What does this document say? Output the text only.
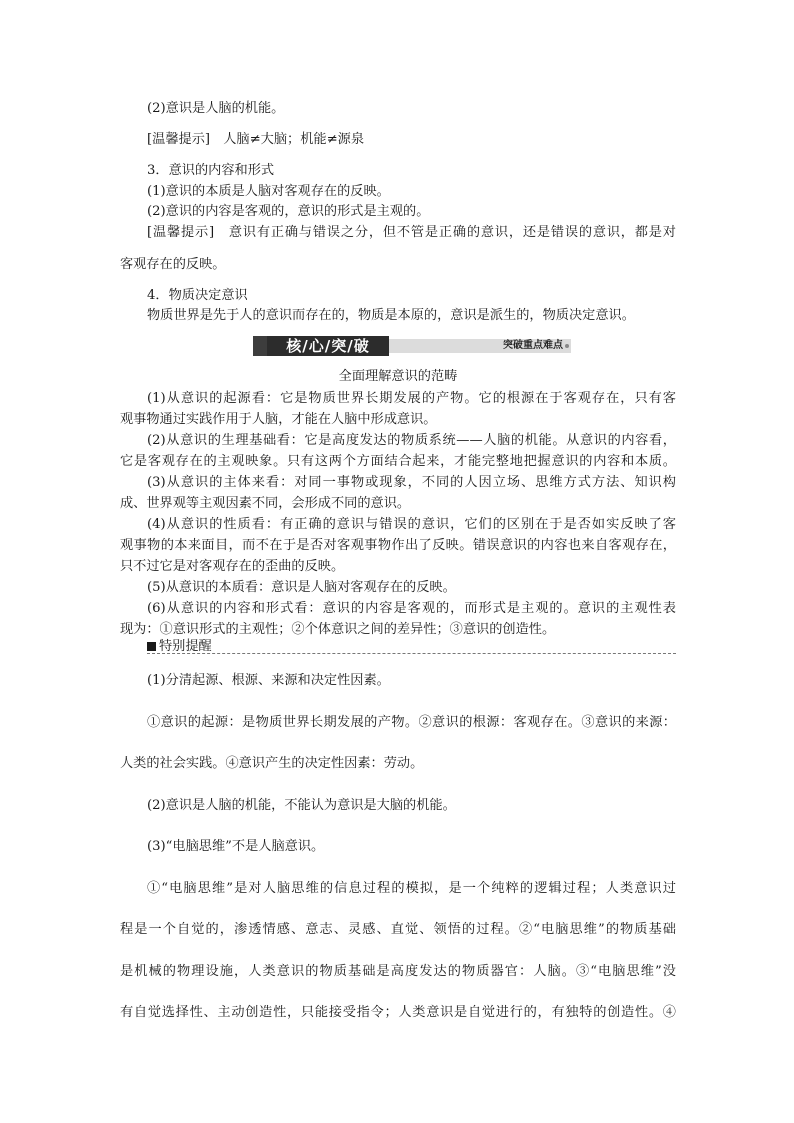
(2)意识是人脑的机能。

[温馨提示]　人脑≠大脑；机能≠源泉

3．意识的内容和形式

(1)意识的本质是人脑对客观存在的反映。

(2)意识的内容是客观的，意识的形式是主观的。

[温馨提示]　意识有正确与错误之分，但不管是正确的意识，还是错误的意识，都是对

客观存在的反映。

4．物质决定意识

物质世界是先于人的意识而存在的，物质是本原的，意识是派生的，物质决定意识。

核/心/突/破	突破重点难点

全面理解意识的范畴

(1)从意识的起源看：它是物质世界长期发展的产物。它的根源在于客观存在，只有客

观事物通过实践作用于人脑，才能在人脑中形成意识。

(2)从意识的生理基础看：它是高度发达的物质系统——人脑的机能。从意识的内容看，

它是客观存在的主观映象。只有这两个方面结合起来，才能完整地把握意识的内容和本质。

(3)从意识的主体来看：对同一事物或现象，不同的人因立场、思维方式方法、知识构

成、世界观等主观因素不同，会形成不同的意识。

(4)从意识的性质看：有正确的意识与错误的意识，它们的区别在于是否如实反映了客

观事物的本来面目，而不在于是否对客观事物作出了反映。错误意识的内容也来自客观存在，

只不过它是对客观存在的歪曲的反映。

(5)从意识的本质看：意识是人脑对客观存在的反映。

(6)从意识的内容和形式看：意识的内容是客观的，而形式是主观的。意识的主观性表

现为：①意识形式的主观性；②个体意识之间的差异性；③意识的创造性。

特别提醒

(1)分清起源、根源、来源和决定性因素。

①意识的起源：是物质世界长期发展的产物。②意识的根源：客观存在。③意识的来源：

人类的社会实践。④意识产生的决定性因素：劳动。

(2)意识是人脑的机能，不能认为意识是大脑的机能。

(3)“电脑思维”不是人脑意识。

①“电脑思维”是对人脑思维的信息过程的模拟，是一个纯粹的逻辑过程；人类意识过

程是一个自觉的，渗透情感、意志、灵感、直觉、领悟的过程。②“电脑思维”的物质基础

是机械的物理设施，人类意识的物质基础是高度发达的物质器官：人脑。③“电脑思维”没

有自觉选择性、主动创造性，只能接受指令；人类意识是自觉进行的，有独特的创造性。④
